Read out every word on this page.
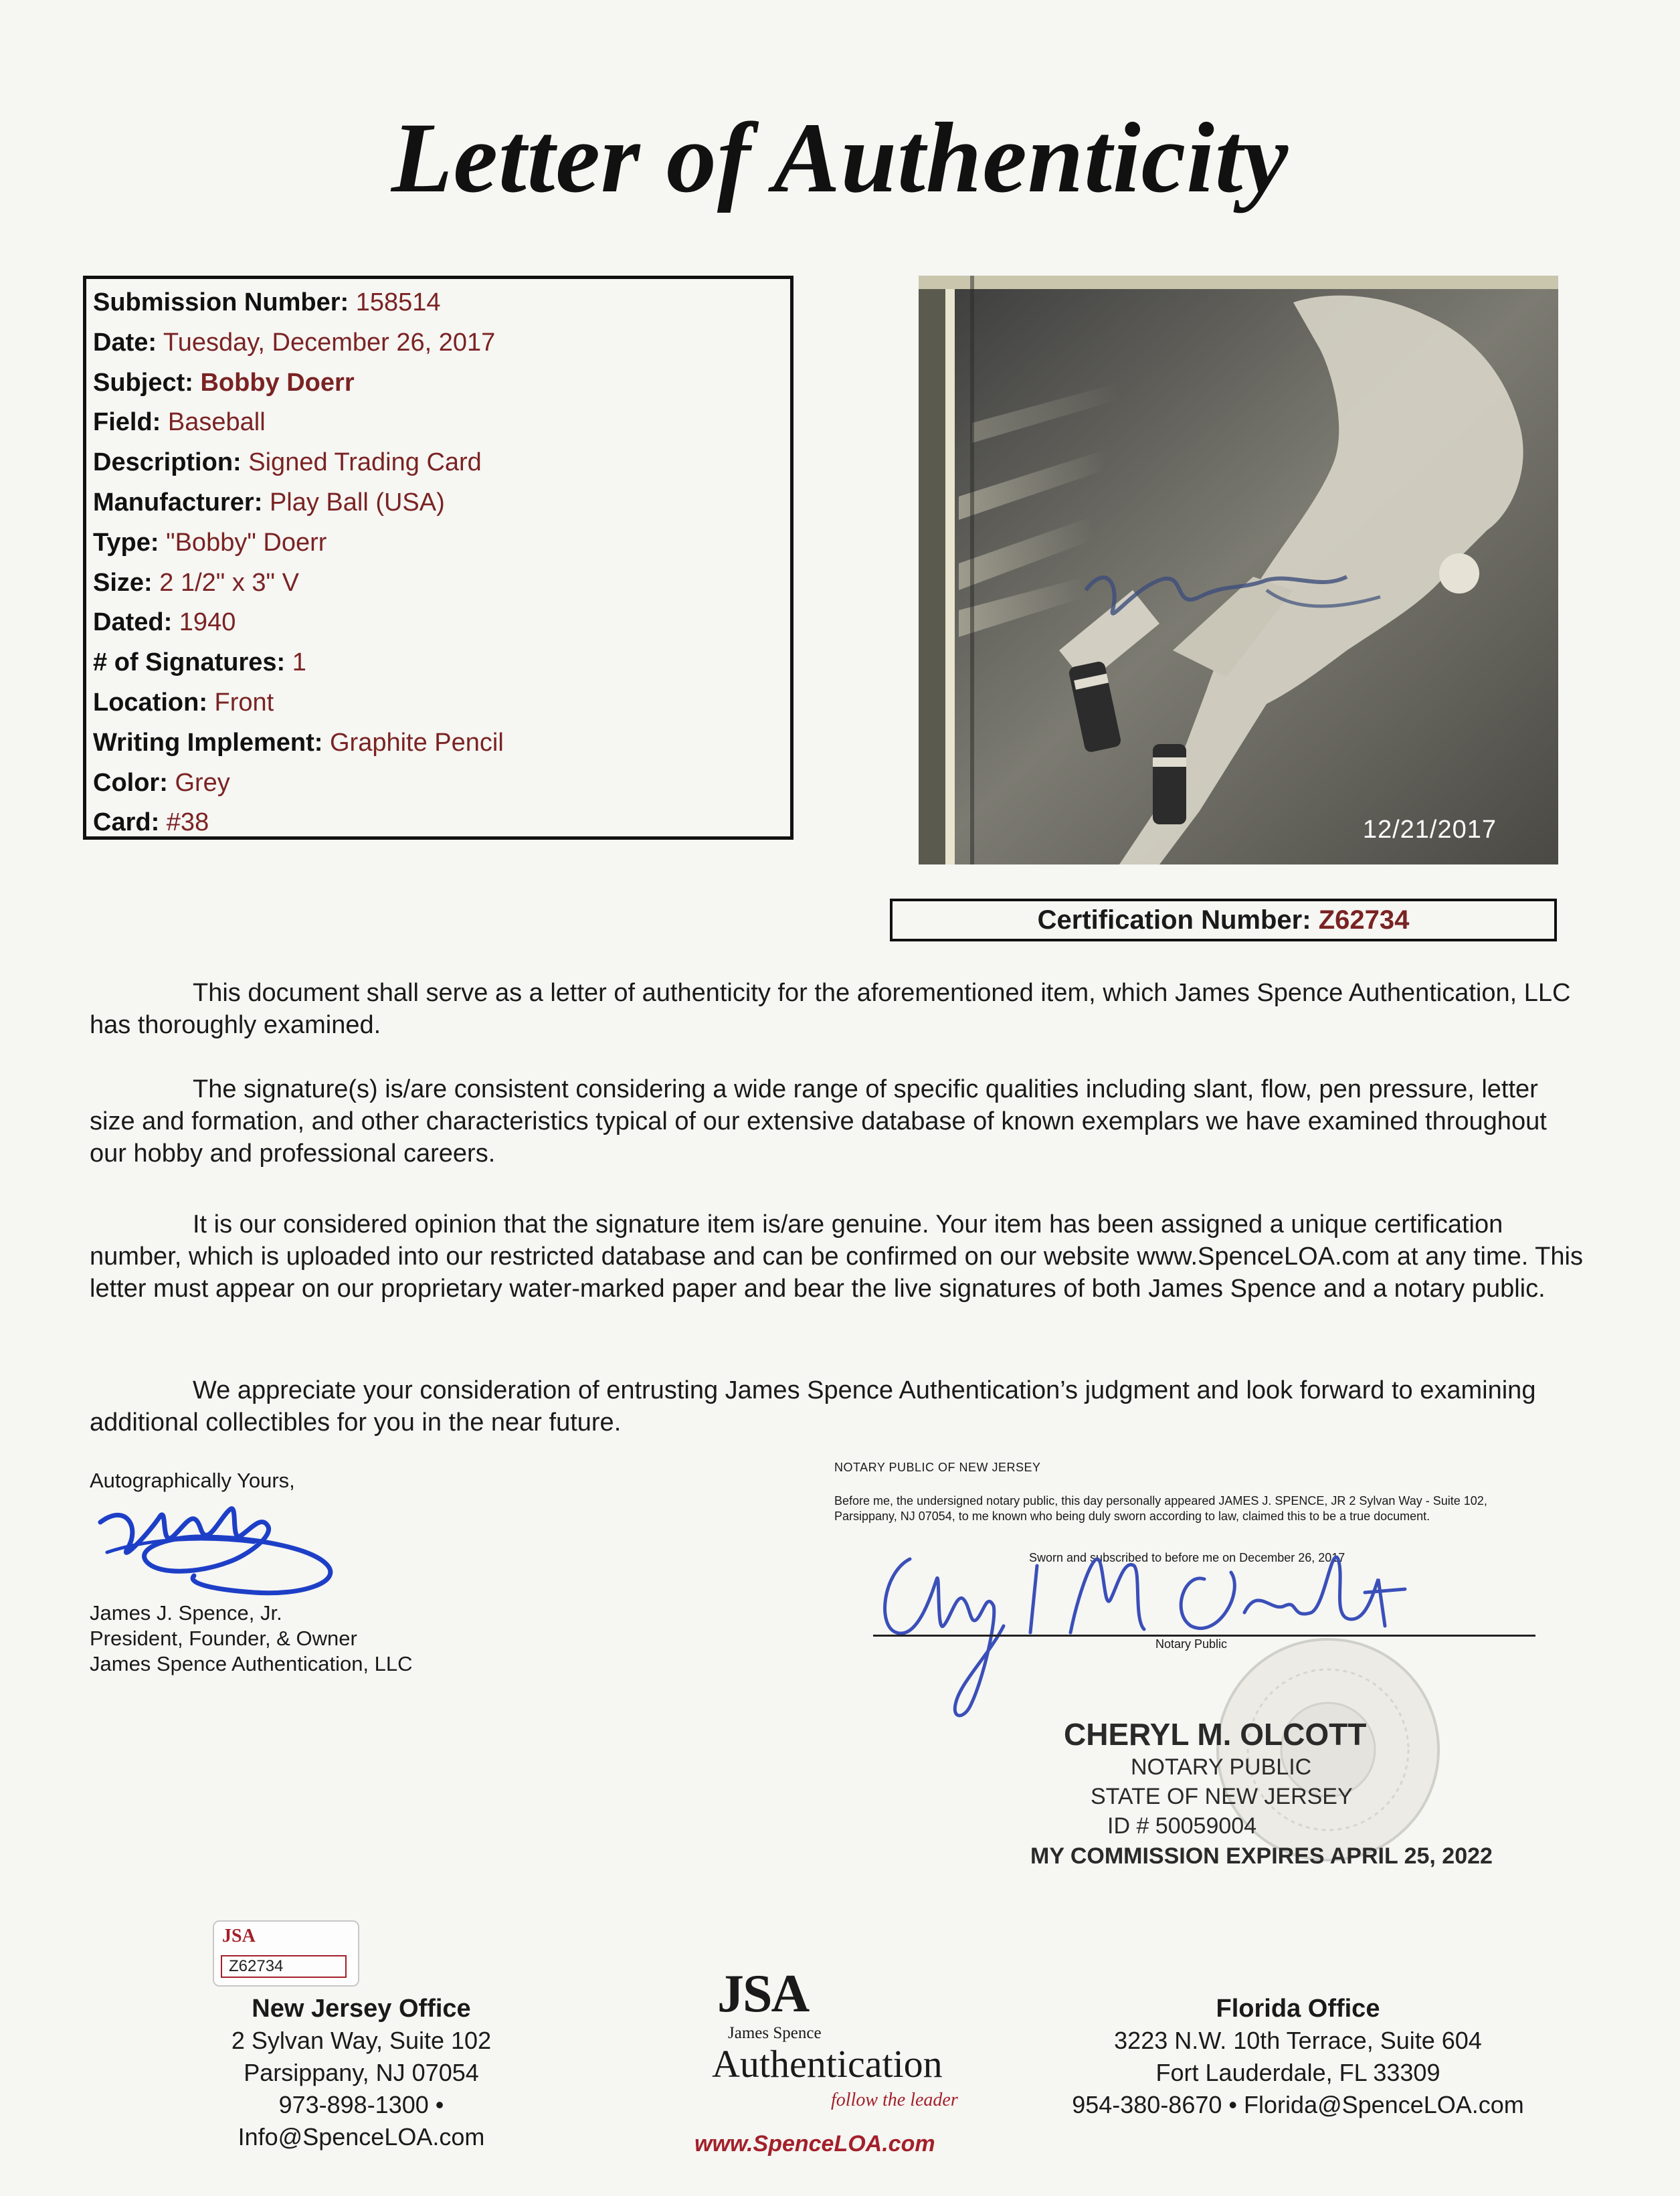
Letter of Authenticity
Submission Number: 158514
Date: Tuesday, December 26, 2017
Subject: Bobby Doerr
Field: Baseball
Description: Signed Trading Card
Manufacturer: Play Ball (USA)
Type: "Bobby" Doerr
Size: 2 1/2" x 3" V
Dated: 1940
# of Signatures: 1
Location: Front
Writing Implement: Graphite Pencil
Color: Grey
Card: #38	12/21/2017
Certification Number: Z62734
This document shall serve as a letter of authenticity for the aforementioned item, which James Spence Authentication, LLC has thoroughly examined.
The signature(s) is/are consistent considering a wide range of specific qualities including slant, flow, pen pressure, letter size and formation, and other characteristics typical of our extensive database of known exemplars we have examined throughout our hobby and professional careers.
It is our considered opinion that the signature item is/are genuine. Your item has been assigned a unique certification number, which is uploaded into our restricted database and can be confirmed on our website www.SpenceLOA.com at any time. This letter must appear on our proprietary water-marked paper and bear the live signatures of both James Spence and a notary public.
We appreciate your consideration of entrusting James Spence Authentication’s judgment and look forward to examining additional collectibles for you in the near future.
Autographically Yours,
James J. Spence, Jr.
President, Founder, & Owner
James Spence Authentication, LLC
NOTARY PUBLIC OF NEW JERSEY
Before me, the undersigned notary public, this day personally appeared JAMES J. SPENCE, JR 2 Sylvan Way - Suite 102, Parsippany, NJ 07054, to me known who being duly sworn according to law, claimed this to be a true document.
Sworn and subscribed to before me on December 26, 2017
Notary Public
CHERYL M. OLCOTT
NOTARY PUBLIC
STATE OF NEW JERSEY
ID # 50059004
MY COMMISSION EXPIRES APRIL 25, 2022
JSA
Z62734
New Jersey Office
2 Sylvan Way, Suite 102
Parsippany, NJ 07054
973-898-1300 • Info@SpenceLOA.com
JSA
James Spence
Authentication
follow the leader
www.SpenceLOA.com
Florida Office
3223 N.W. 10th Terrace, Suite 604
Fort Lauderdale, FL 33309
954-380-8670 • Florida@SpenceLOA.com
